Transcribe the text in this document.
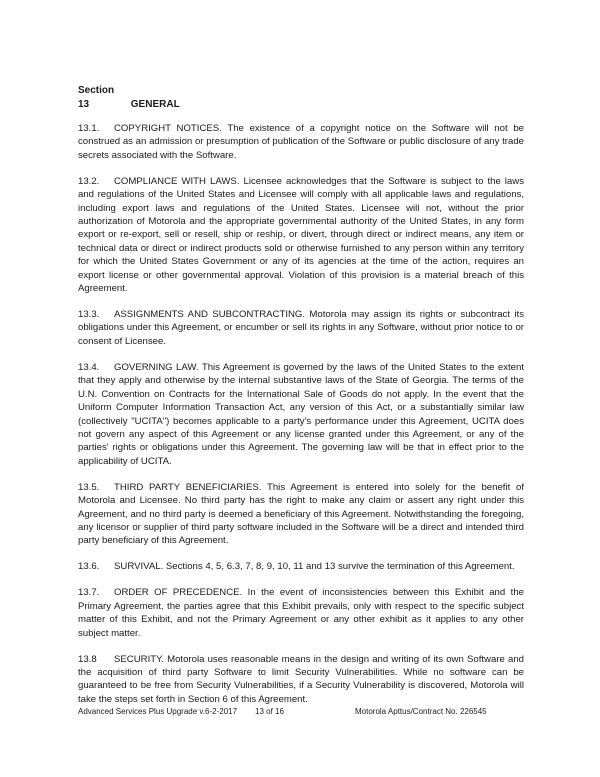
Section 13	GENERAL

13.1. COPYRIGHT NOTICES. The existence of a copyright notice on the Software will not be construed as an admission or presumption of publication of the Software or public disclosure of any trade secrets associated with the Software.

13.2. COMPLIANCE WITH LAWS. Licensee acknowledges that the Software is subject to the laws and regulations of the United States and Licensee will comply with all applicable laws and regulations, including export laws and regulations of the United States. Licensee will not, without the prior authorization of Motorola and the appropriate governmental authority of the United States, in any form export or re-export, sell or resell, ship or reship, or divert, through direct or indirect means, any item or technical data or direct or indirect products sold or otherwise furnished to any person within any territory for which the United States Government or any of its agencies at the time of the action, requires an export license or other governmental approval. Violation of this provision is a material breach of this Agreement.

13.3. ASSIGNMENTS AND SUBCONTRACTING. Motorola may assign its rights or subcontract its obligations under this Agreement, or encumber or sell its rights in any Software, without prior notice to or consent of Licensee.

13.4. GOVERNING LAW. This Agreement is governed by the laws of the United States to the extent that they apply and otherwise by the internal substantive laws of the State of Georgia. The terms of the U.N. Convention on Contracts for the International Sale of Goods do not apply. In the event that the Uniform Computer Information Transaction Act, any version of this Act, or a substantially similar law (collectively "UCITA") becomes applicable to a party's performance under this Agreement, UCITA does not govern any aspect of this Agreement or any license granted under this Agreement, or any of the parties' rights or obligations under this Agreement. The governing law will be that in effect prior to the applicability of UCITA.

13.5. THIRD PARTY BENEFICIARIES. This Agreement is entered into solely for the benefit of Motorola and Licensee. No third party has the right to make any claim or assert any right under this Agreement, and no third party is deemed a beneficiary of this Agreement. Notwithstanding the foregoing, any licensor or supplier of third party software included in the Software will be a direct and intended third party beneficiary of this Agreement.

13.6. SURVIVAL. Sections 4, 5, 6.3, 7, 8, 9, 10, 11 and 13 survive the termination of this Agreement.

13.7. ORDER OF PRECEDENCE. In the event of inconsistencies between this Exhibit and the Primary Agreement, the parties agree that this Exhibit prevails, only with respect to the specific subject matter of this Exhibit, and not the Primary Agreement or any other exhibit as it applies to any other subject matter.

13.8 SECURITY. Motorola uses reasonable means in the design and writing of its own Software and the acquisition of third party Software to limit Security Vulnerabilities. While no software can be guaranteed to be free from Security Vulnerabilities, if a Security Vulnerability is discovered, Motorola will take the steps set forth in Section 6 of this Agreement.

Advanced Services Plus Upgrade v.6-2-2017 13 of 16	Motorola Apttus/Contract No. 226545
